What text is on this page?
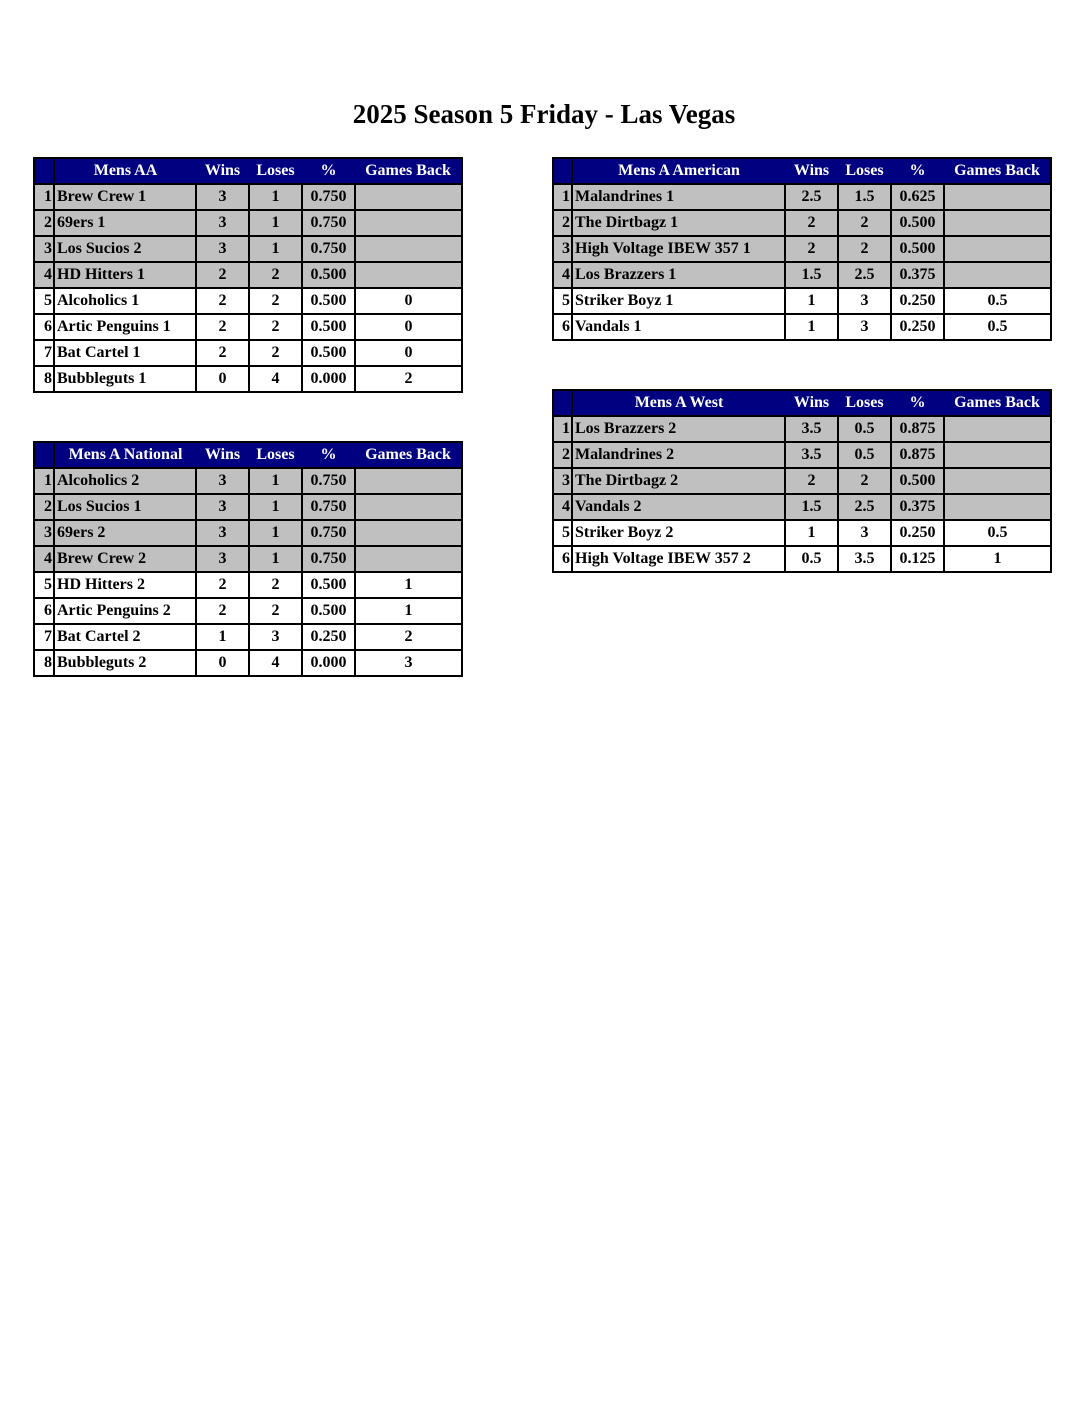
2025 Season 5 Friday - Las Vegas
	Mens AA	Wins	Loses	%	Games Back
1	Brew Crew 1	3	1	0.750	
2	69ers 1	3	1	0.750	
3	Los Sucios 2	3	1	0.750	
4	HD Hitters 1	2	2	0.500	
5	Alcoholics 1	2	2	0.500	0
6	Artic Penguins 1	2	2	0.500	0
7	Bat Cartel 1	2	2	0.500	0
8	Bubbleguts 1	0	4	0.000	2
	Mens A National	Wins	Loses	%	Games Back
1	Alcoholics 2	3	1	0.750	
2	Los Sucios 1	3	1	0.750	
3	69ers 2	3	1	0.750	
4	Brew Crew 2	3	1	0.750	
5	HD Hitters 2	2	2	0.500	1
6	Artic Penguins 2	2	2	0.500	1
7	Bat Cartel 2	1	3	0.250	2
8	Bubbleguts 2	0	4	0.000	3
	Mens A American	Wins	Loses	%	Games Back
1	Malandrines 1	2.5	1.5	0.625	
2	The Dirtbagz 1	2	2	0.500	
3	High Voltage IBEW 357 1	2	2	0.500	
4	Los Brazzers 1	1.5	2.5	0.375	
5	Striker Boyz 1	1	3	0.250	0.5
6	Vandals 1	1	3	0.250	0.5
	Mens A West	Wins	Loses	%	Games Back
1	Los Brazzers 2	3.5	0.5	0.875	
2	Malandrines 2	3.5	0.5	0.875	
3	The Dirtbagz 2	2	2	0.500	
4	Vandals 2	1.5	2.5	0.375	
5	Striker Boyz 2	1	3	0.250	0.5
6	High Voltage IBEW 357 2	0.5	3.5	0.125	1
